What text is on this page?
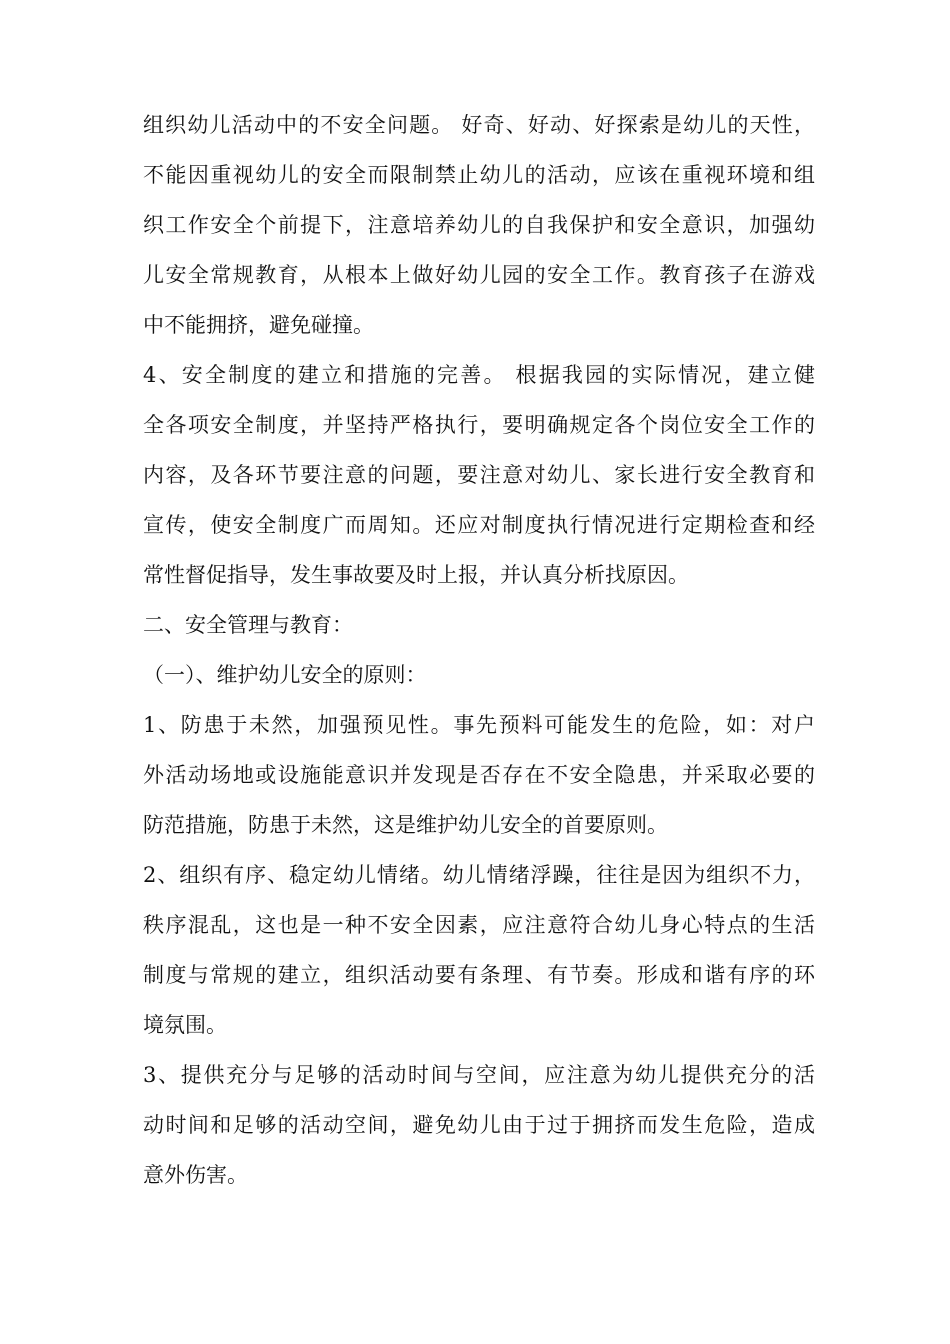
组织幼儿活动中的不安全问题。 好奇、好动、好探索是幼儿的天性，
不能因重视幼儿的安全而限制禁止幼儿的活动，应该在重视环境和组
织工作安全个前提下，注意培养幼儿的自我保护和安全意识，加强幼
儿安全常规教育，从根本上做好幼儿园的安全工作。教育孩子在游戏
中不能拥挤，避免碰撞。
4、安全制度的建立和措施的完善。 根据我园的实际情况，建立健
全各项安全制度，并坚持严格执行，要明确规定各个岗位安全工作的
内容，及各环节要注意的问题，要注意对幼儿、家长进行安全教育和
宣传，使安全制度广而周知。还应对制度执行情况进行定期检查和经
常性督促指导，发生事故要及时上报，并认真分析找原因。
二、安全管理与教育：
（一）、维护幼儿安全的原则：
1、防患于未然，加强预见性。事先预料可能发生的危险，如：对户
外活动场地或设施能意识并发现是否存在不安全隐患，并采取必要的
防范措施，防患于未然，这是维护幼儿安全的首要原则。
2、组织有序、稳定幼儿情绪。幼儿情绪浮躁，往往是因为组织不力，
秩序混乱，这也是一种不安全因素，应注意符合幼儿身心特点的生活
制度与常规的建立，组织活动要有条理、有节奏。形成和谐有序的环
境氛围。
3、提供充分与足够的活动时间与空间，应注意为幼儿提供充分的活
动时间和足够的活动空间，避免幼儿由于过于拥挤而发生危险，造成
意外伤害。
